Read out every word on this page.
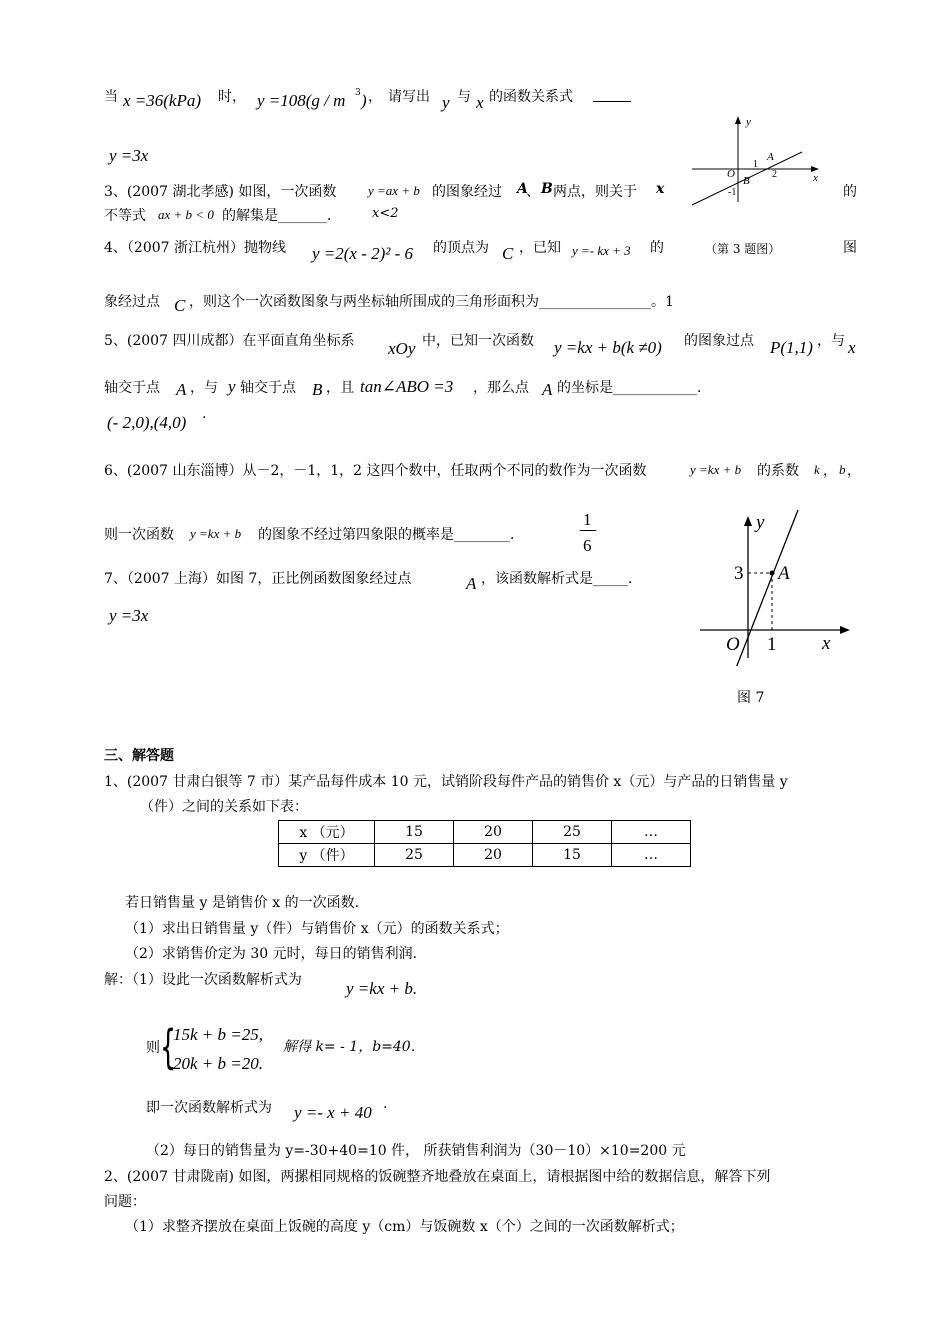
当 x =36(kPa) 时， y =108(g / m 3 ) ， 请写出 y 与 x 的函数关系式
y =3x
3、(2007 湖北孝感) 如图，一次函数 y =ax + b 的图象经过 A
、 B 两点，则关于 x	的
不等式 ax + b < 0 的解集是_______． x<2
y
x
O
1
2
A
B
-1
4、（2007 浙江杭州）抛物线 y =2(x - 2)² - 6 的顶点为 C ，已知 y =- kx + 3 的	（第 3 题图）	图
象经过点 C ，则这个一次函数图象与两坐标轴所围成的三角形面积为________________。1
5、(2007 四川成都）在平面直角坐标系 xOy 中，已知一次函数 y =kx + b(k ≠0) 的图象过点 P(1,1) ，与 x
轴交于点 A ，与 y 轴交于点 B ，且 tan∠ABO =3 ，那么点 A 的坐标是____________．
(- 2,0),(4,0) .
6、(2007 山东淄博）从－2，－1，1，2 这四个数中，任取两个不同的数作为一次函数	y =kx + b 的系数 k ， b ，
则一次函数 y =kx + b 的图象不经过第四象限的概率是________．
1
6
7、（2007 上海）如图 7，正比例函数图象经过点	A ，该函数解析式是_____．
y =3x
y
x
O
3
1
A
图 7
三、解答题
1、(2007 甘肃白银等 7 市）某产品每件成本 10 元，试销阶段每件产品的销售价 x（元）与产品的日销售量 y
（件）之间的关系如下表：
x （元）	15	20	25	…
y （件）	25	20	15	…
若日销售量 y 是销售价 x 的一次函数．
（1）求出日销售量 y（件）与销售价 x（元）的函数关系式；
（2）求销售价定为 30 元时，每日的销售利润．
解：（1）设此一次函数解析式为	y =kx + b.
则 {
15k + b =25,
20k + b =20.
解得 k= - 1，b=40．
即一次函数解析式为 y =- x + 40 .
（2）每日的销售量为 y=-30+40=10 件， 所获销售利润为（30－10）×10=200 元
2、(2007 甘肃陇南) 如图，两摞相同规格的饭碗整齐地叠放在桌面上，请根据图中给的数据信息，解答下列
问题：
（1）求整齐摆放在桌面上饭碗的高度 y（cm）与饭碗数 x（个）之间的一次函数解析式；
